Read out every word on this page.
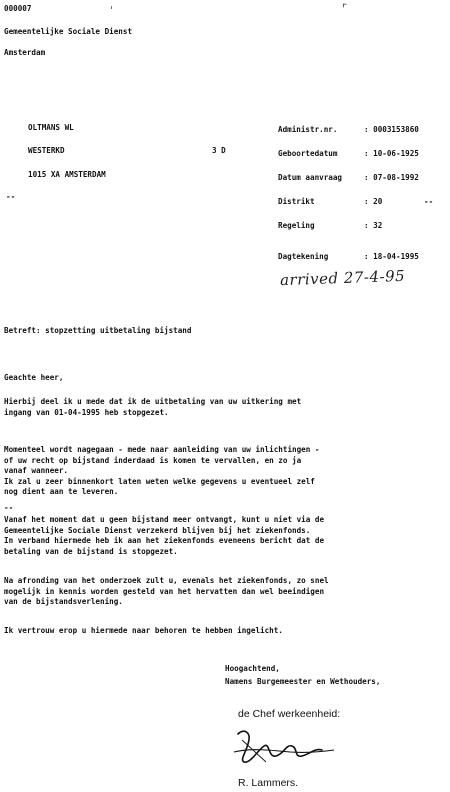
ˈ	⌜
000007
Gemeentelijke Sociale Dienst
Amsterdam
OLTMANS WL
WESTERKD	3 D
1015 XA AMSTERDAM
--
Administr.nr.	: 0003153860
Geboortedatum	: 10-06-1925
Datum aanvraag	: 07-08-1992
Distrikt	: 20	--
Regeling	: 32
Dagtekening	: 18-04-1995
arrived 27-4-95
Betreft: stopzetting uitbetaling bijstand
Geachte heer,
Hierbij deel ik u mede dat ik de uitbetaling van uw uitkering met
ingang van 01-04-1995 heb stopgezet.
Momenteel wordt nagegaan - mede naar aanleiding van uw inlichtingen -
of uw recht op bijstand inderdaad is komen te vervallen, en zo ja
vanaf wanneer.
Ik zal u zeer binnenkort laten weten welke gegevens u eventueel zelf
nog dient aan te leveren.
--
Vanaf het moment dat u geen bijstand meer ontvangt, kunt u niet via de
Gemeentelijke Sociale Dienst verzekerd blijven bij het ziekenfonds.
In verband hiermede heb ik aan het ziekenfonds eveneens bericht dat de
betaling van de bijstand is stopgezet.
Na afronding van het onderzoek zult u, evenals het ziekenfonds, zo snel
mogelijk in kennis worden gesteld van het hervatten dan wel beeindigen
van de bijstandsverlening.
Ik vertrouw erop u hiermede naar behoren te hebben ingelicht.
Hoogachtend,
Namens Burgemeester en Wethouders,
de Chef werkeenheid:
R. Lammers.
